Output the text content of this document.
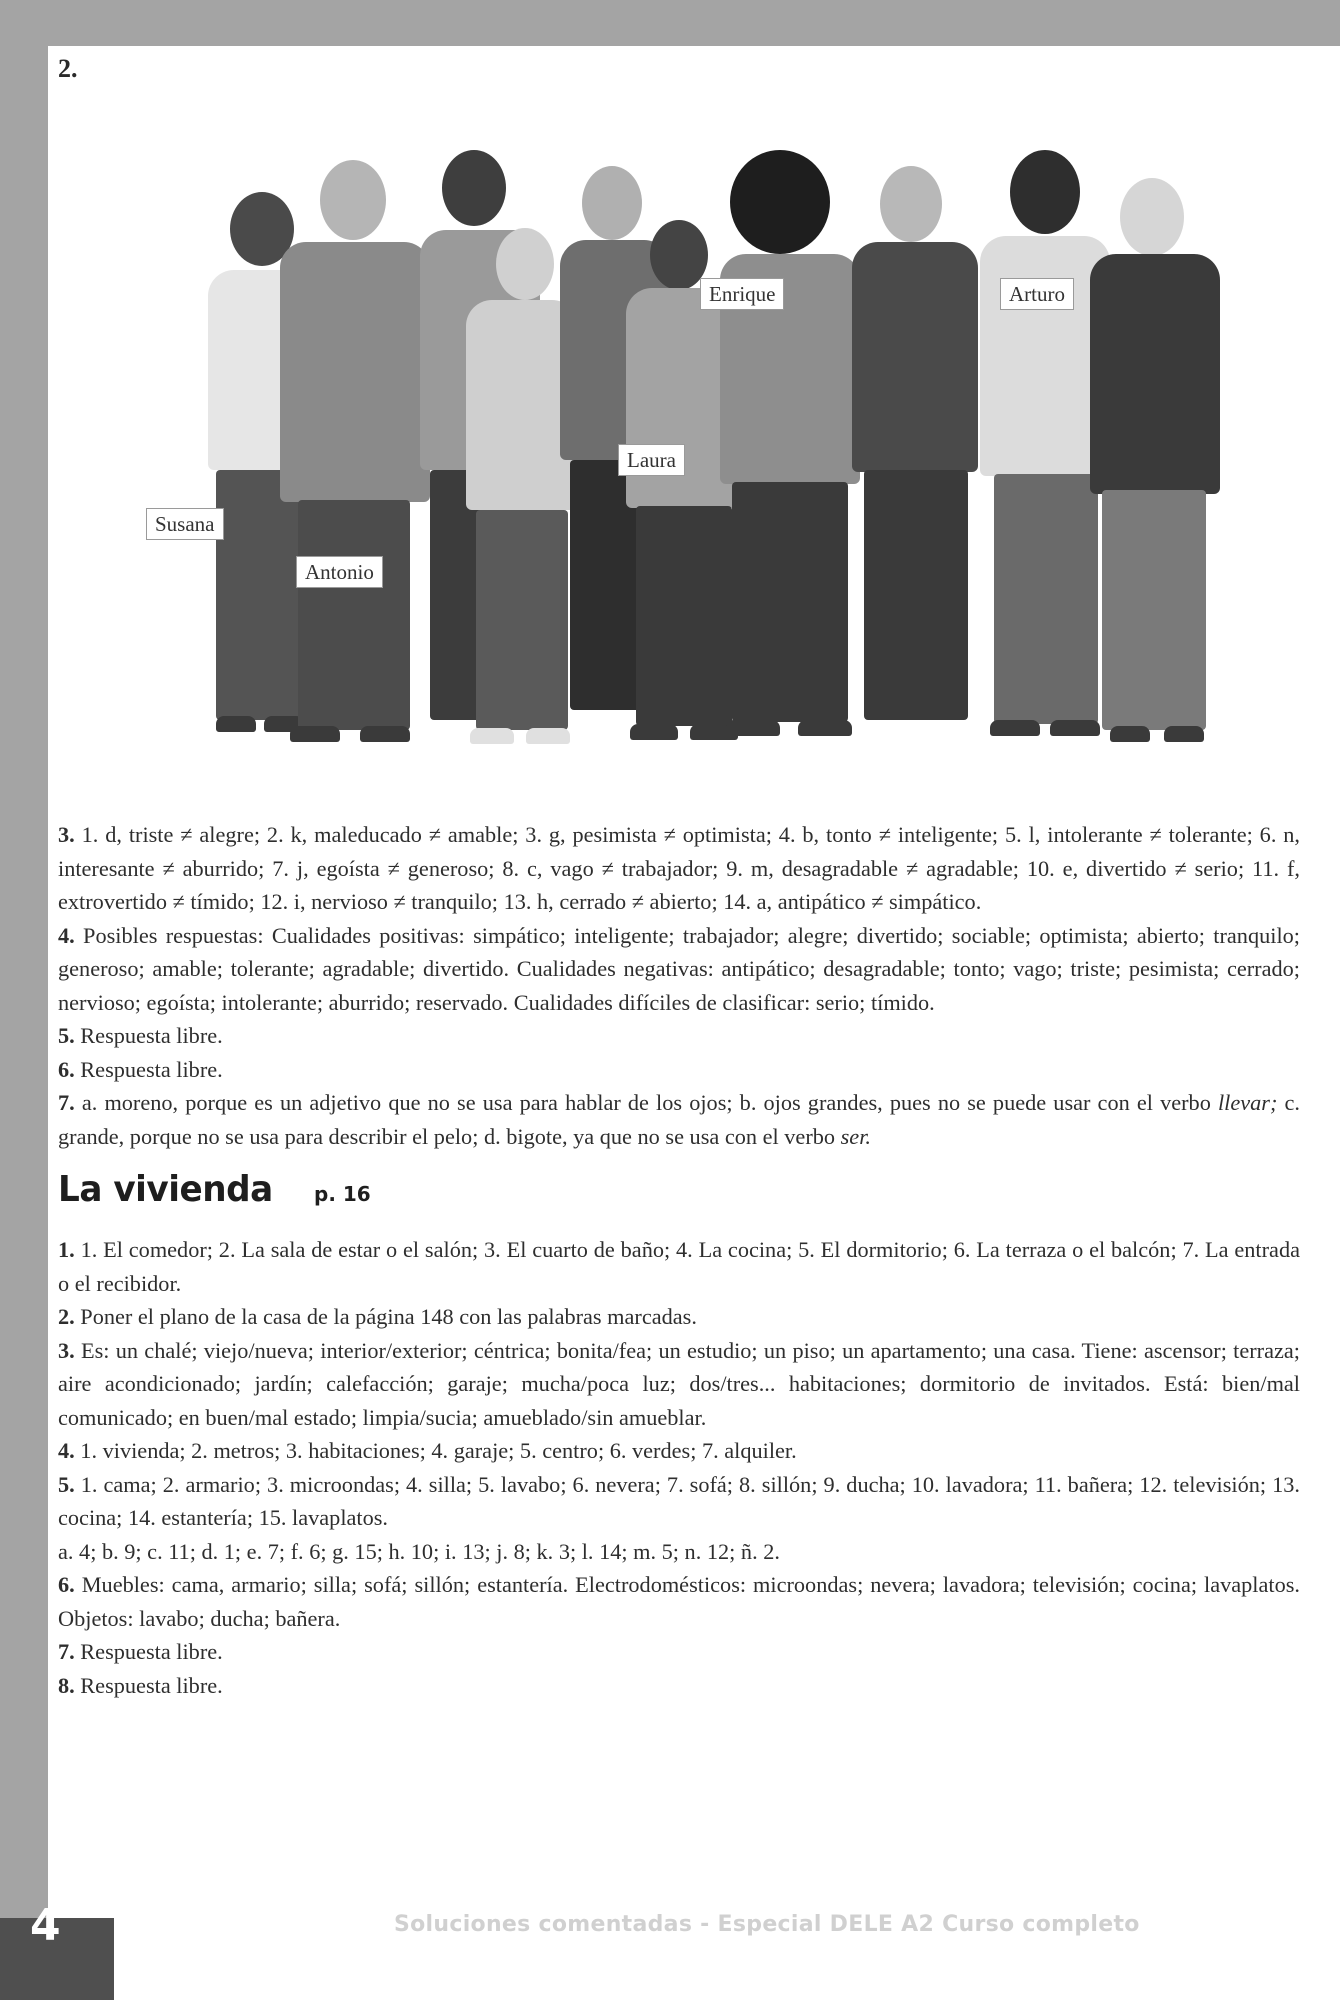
2.
Enrique	Arturo
Laura
Susana
Antonio

3. 1. d, triste ≠ alegre; 2. k, maleducado ≠ amable; 3. g, pesimista ≠ optimista; 4. b, tonto ≠ inteligente; 5. l, intolerante ≠ tolerante; 6. n, interesante ≠ aburrido; 7. j, egoísta ≠ generoso; 8. c, vago ≠ trabajador; 9. m, desagradable ≠ agradable; 10. e, divertido ≠ serio; 11. f, extrovertido ≠ tímido; 12. i, nervioso ≠ tranquilo; 13. h, cerrado ≠ abierto; 14. a, antipático ≠ simpático.

4. Posibles respuestas: Cualidades positivas: simpático; inteligente; trabajador; alegre; divertido; sociable; optimista; abierto; tranquilo; generoso; amable; tolerante; agradable; divertido. Cualidades negativas: antipático; desagradable; tonto; vago; triste; pesimista; cerrado; nervioso; egoísta; intolerante; aburrido; reservado. Cualidades difíciles de clasificar: serio; tímido.

5. Respuesta libre.

6. Respuesta libre.

7. a. moreno, porque es un adjetivo que no se usa para hablar de los ojos; b. ojos grandes, pues no se puede usar con el verbo llevar; c. grande, porque no se usa para describir el pelo; d. bigote, ya que no se usa con el verbo ser.

La vivienda p. 16

1. 1. El comedor; 2. La sala de estar o el salón; 3. El cuarto de baño; 4. La cocina; 5. El dormitorio; 6. La terraza o el balcón; 7. La entrada o el recibidor.

2. Poner el plano de la casa de la página 148 con las palabras marcadas.

3. Es: un chalé; viejo/nueva; interior/exterior; céntrica; bonita/fea; un estudio; un piso; un apartamento; una casa. Tiene: ascensor; terraza; aire acondicionado; jardín; calefacción; garaje; mucha/poca luz; dos/tres... habitaciones; dormitorio de invitados. Está: bien/mal comunicado; en buen/mal estado; limpia/sucia; amueblado/sin amueblar.

4. 1. vivienda; 2. metros; 3. habitaciones; 4. garaje; 5. centro; 6. verdes; 7. alquiler.

5. 1. cama; 2. armario; 3. microondas; 4. silla; 5. lavabo; 6. nevera; 7. sofá; 8. sillón; 9. ducha; 10. lavadora; 11. bañera; 12. televisión; 13. cocina; 14. estantería; 15. lavaplatos.

a. 4; b. 9; c. 11; d. 1; e. 7; f. 6; g. 15; h. 10; i. 13; j. 8; k. 3; l. 14; m. 5; n. 12; ñ. 2.

6. Muebles: cama, armario; silla; sofá; sillón; estantería. Electrodomésticos: microondas; nevera; lavadora; televisión; cocina; lavaplatos. Objetos: lavabo; ducha; bañera.

7. Respuesta libre.

8. Respuesta libre.

4	Soluciones comentadas - Especial DELE A2 Curso completo
